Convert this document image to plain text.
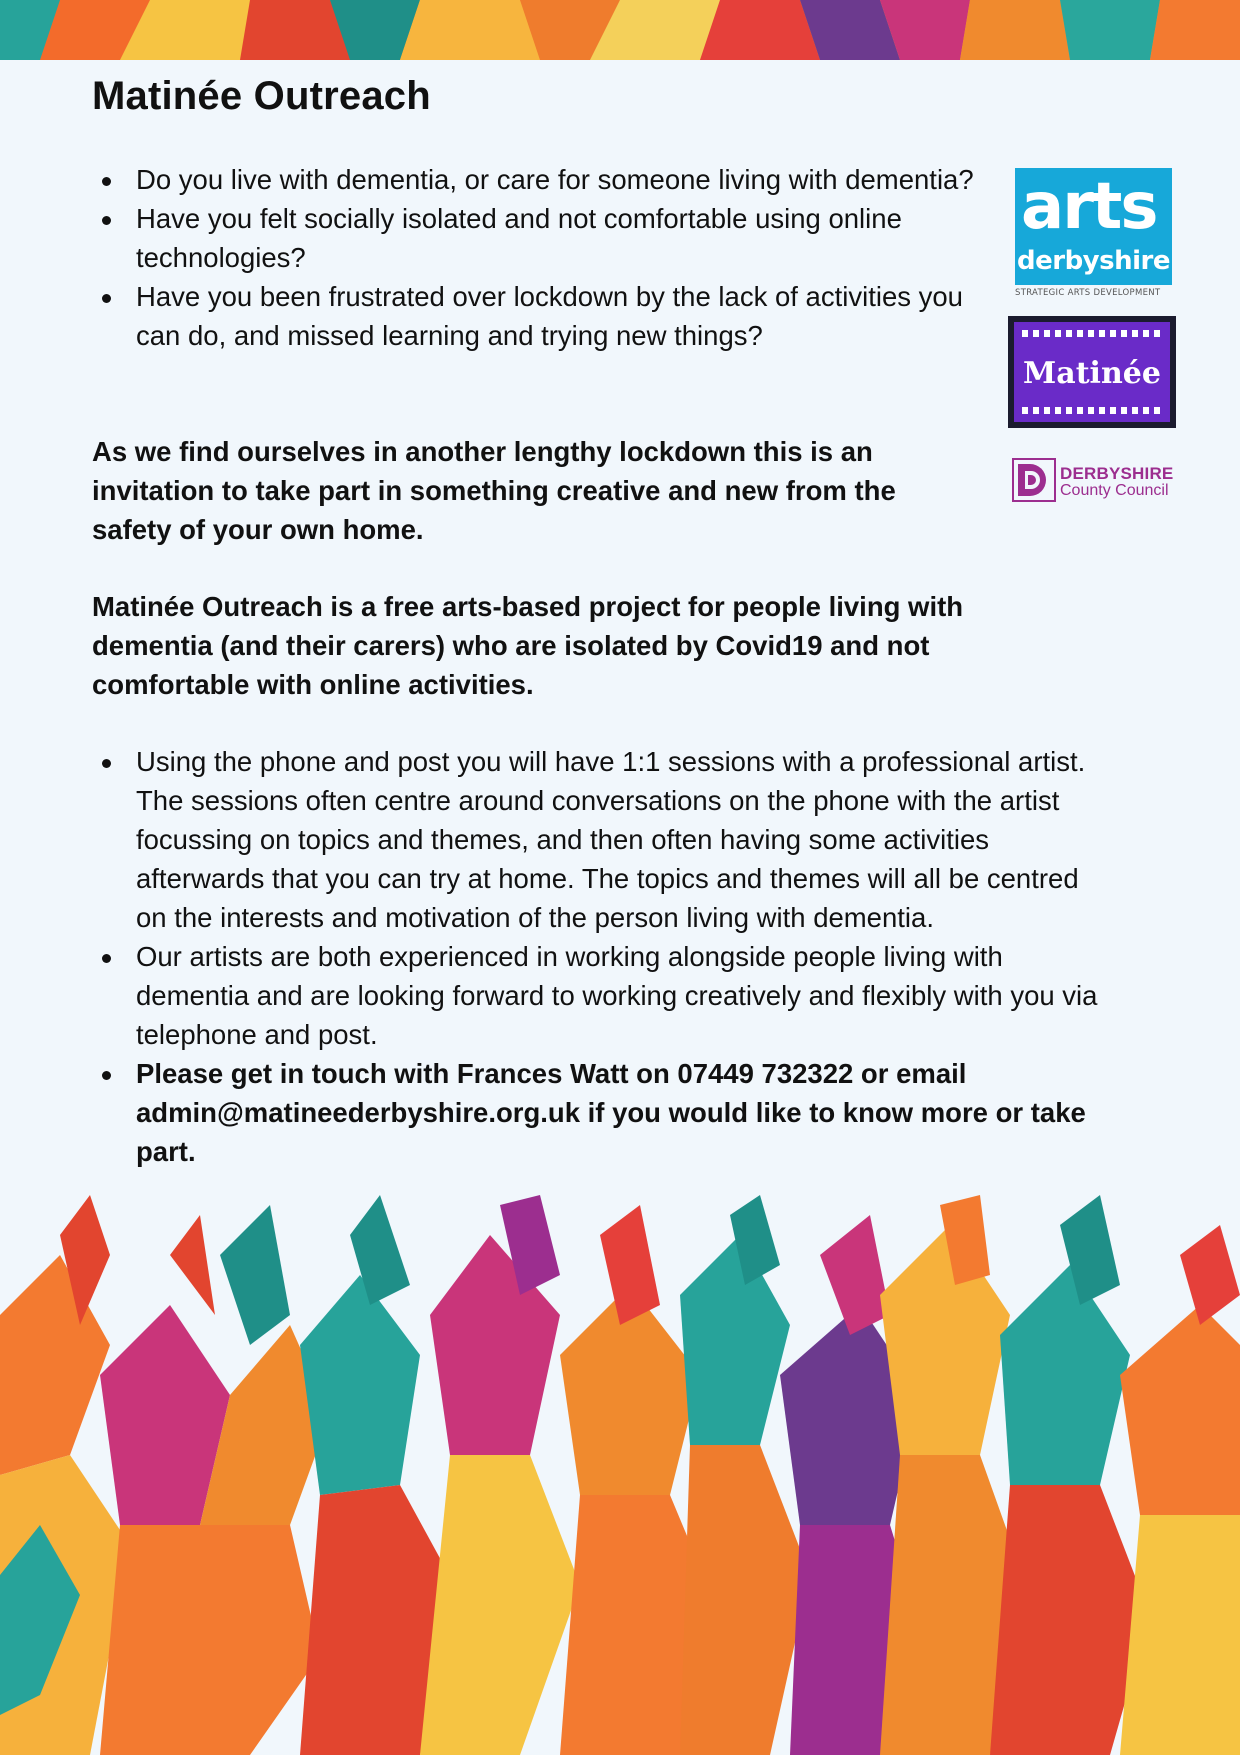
Matinée Outreach
Do you live with dementia, or care for someone living with dementia?
Have you felt socially isolated and not comfortable using online technologies?
Have you been frustrated over lockdown by the lack of activities you can do, and missed learning and trying new things?

As we find ourselves in another lengthy lockdown this is an invitation to take part in something creative and new from the safety of your own home.

Matinée Outreach is a free arts-based project for people living with dementia (and their carers) who are isolated by Covid19 and not comfortable with online activities.

Using the phone and post you will have 1:1 sessions with a professional artist. The sessions often centre around conversations on the phone with the artist focussing on topics and themes, and then often having some activities afterwards that you can try at home. The topics and themes will all be centred on the interests and motivation of the person living with dementia.
Our artists are both experienced in working alongside people living with dementia and are looking forward to working creatively and flexibly with you via telephone and post.
Please get in touch with Frances Watt on 07449 732322 or email admin@matineederbyshire.org.uk if you would like to know more or take part.
arts
derbyshire
STRATEGIC ARTS DEVELOPMENT
Matinée
DERBYSHIRE
County Council
